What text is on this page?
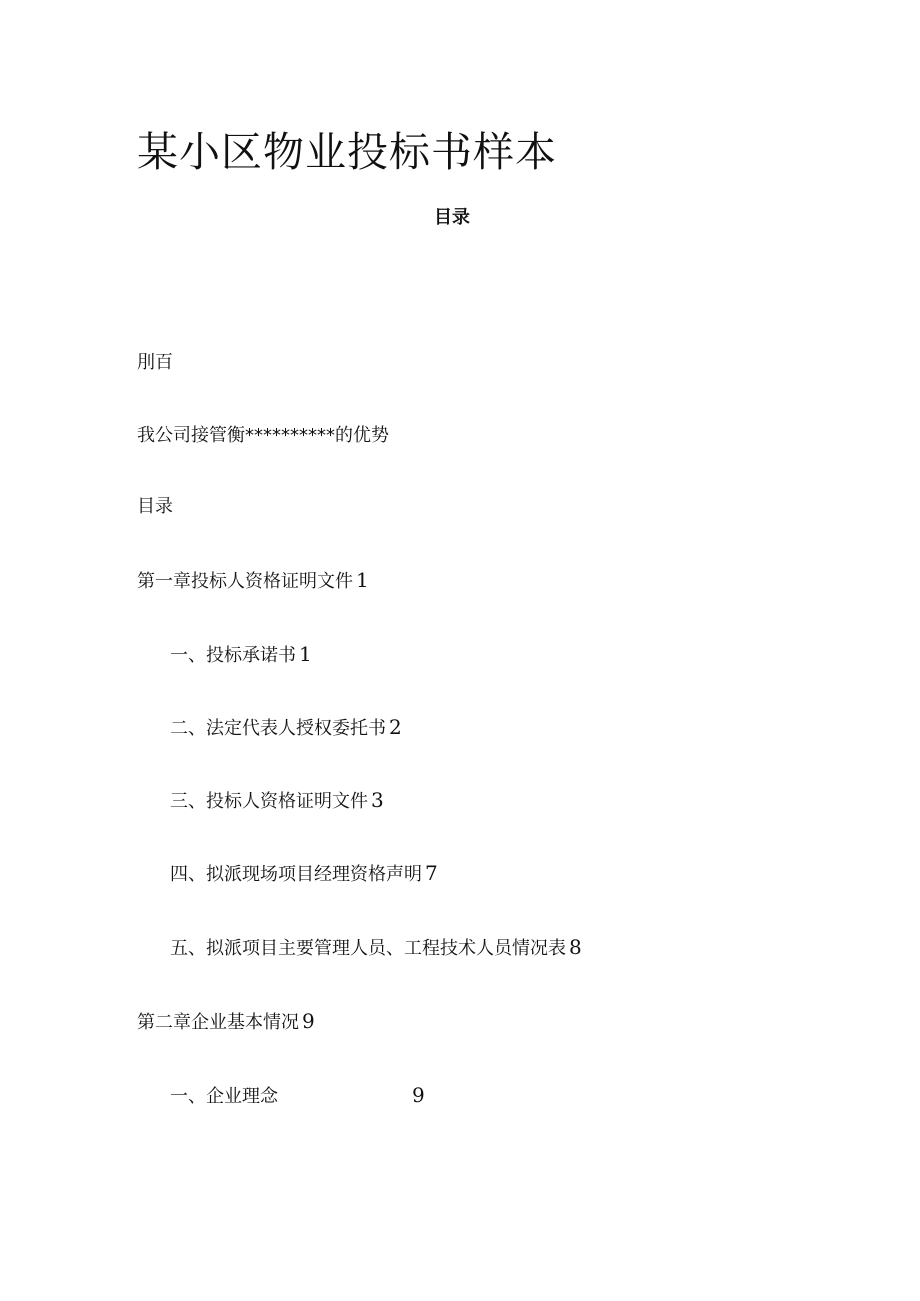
某小区物业投标书样本
目录
刖百
我公司接管衡**********的优势
目录
第一章投标人资格证明文件 1
一、投标承诺书 1
二、法定代表人授权委托书 2
三、投标人资格证明文件 3
四、拟派现场项目经理资格声明 7
五、拟派项目主要管理人员、工程技术人员情况表 8
第二章企业基本情况 9
一、企业理念	9
